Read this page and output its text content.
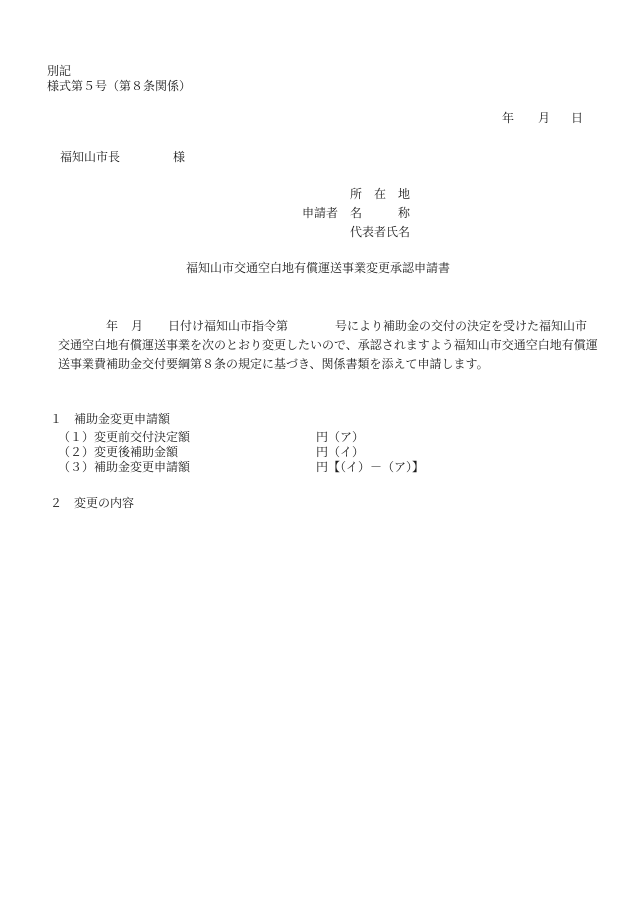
別記
様式第５号（第８条関係）
年 月 日
福知山市長	様
所　在　地
申請者 名　　　称
代表者氏名
福知山市交通空白地有償運送事業変更承認申請書
年 月 日付け福知山市指令第	号により補助金の交付の決定を受けた福知山市
交通空白地有償運送事業を次のとおり変更したいので、承認されますよう福知山市交通空白地有償運
送事業費補助金交付要綱第８条の規定に基づき、関係書類を添えて申請します。
１　補助金変更申請額
（１）変更前交付決定額	円（ア）
（２）変更後補助金額	円（イ）
（３）補助金変更申請額	円【（イ）－（ア）】
２　変更の内容
